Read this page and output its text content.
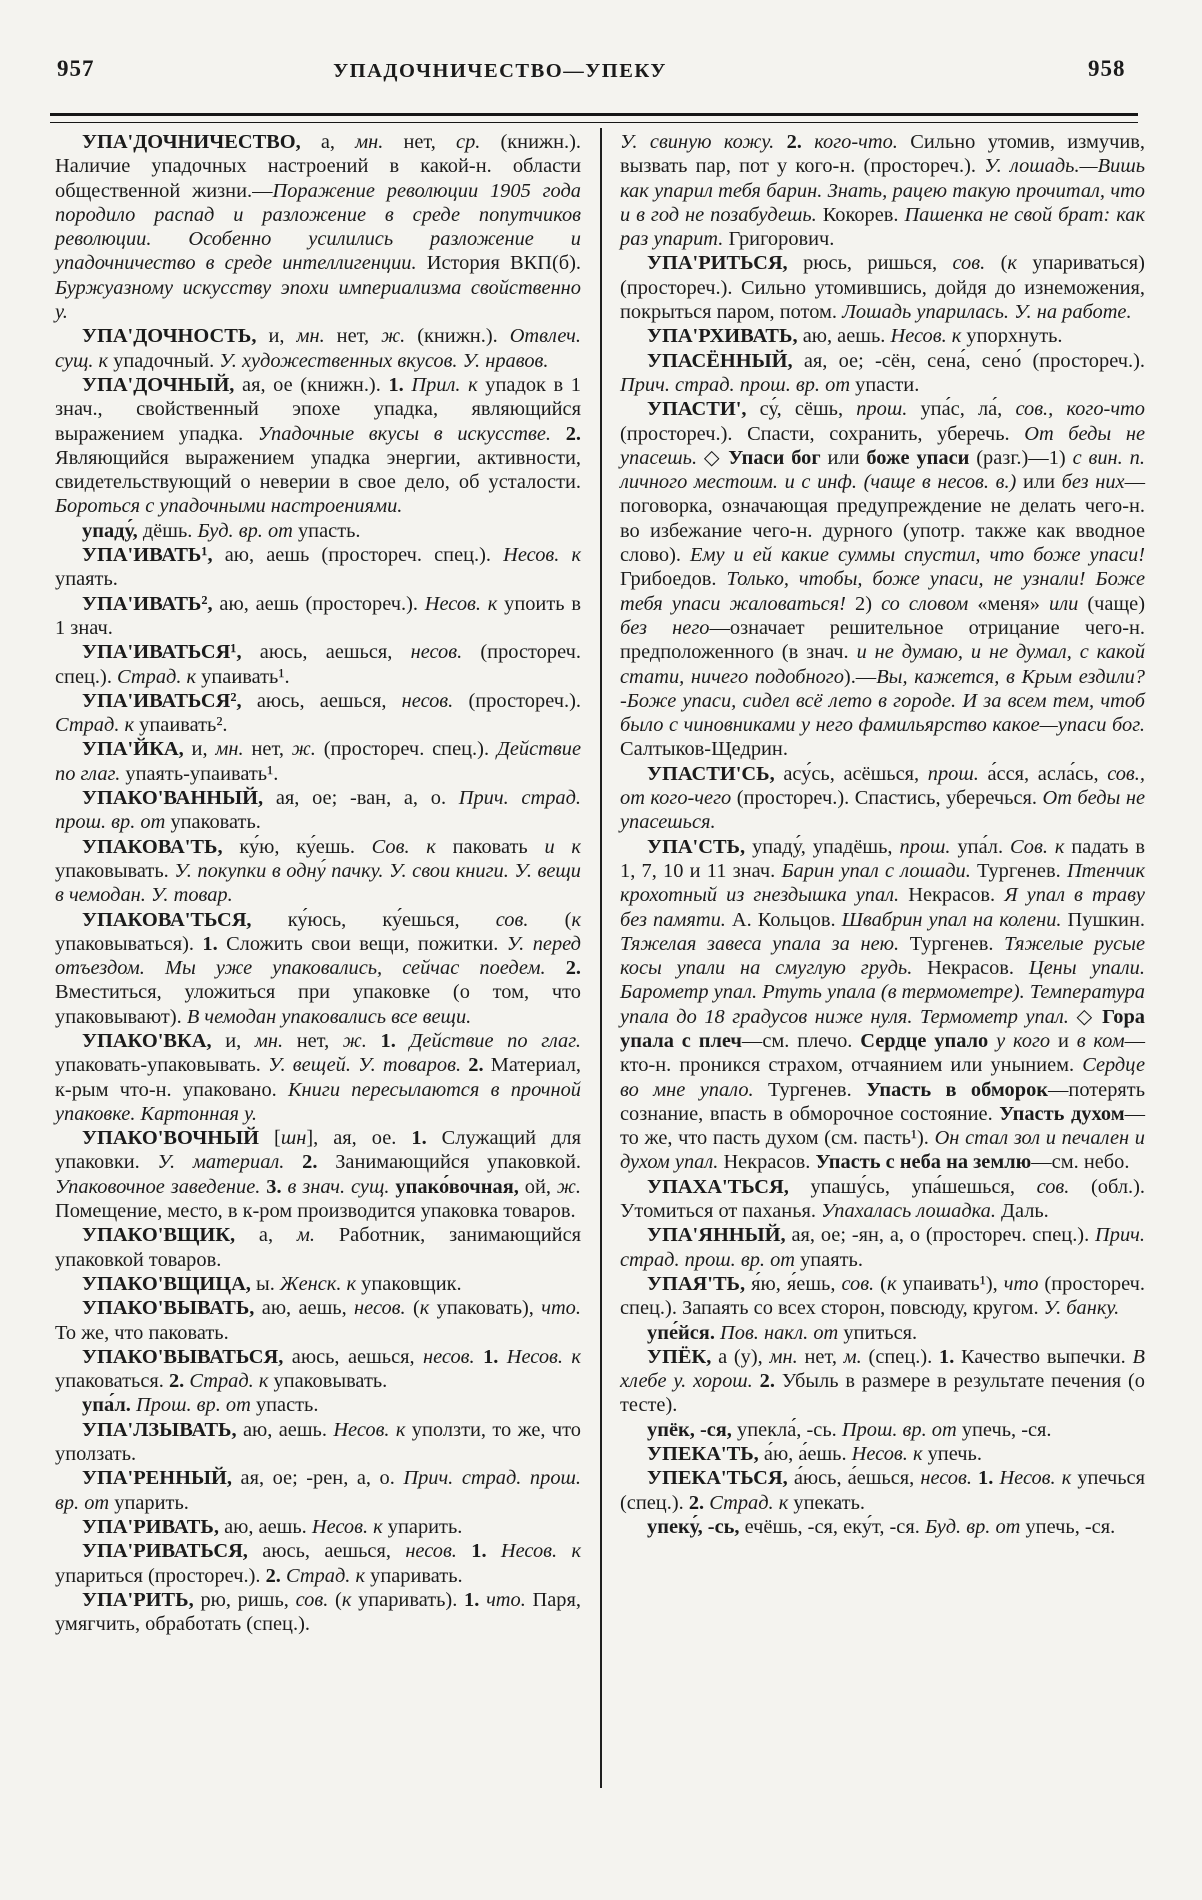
957	УПАДОЧНИЧЕСТВО—УПЕКУ	958

УПА'ДОЧНИЧЕСТВО, а, мн. нет, ср. (книжн.). Наличие упадочных настроений в какой-н. области общественной жизни.—Поражение революции 1905 года породило распад и разложение в среде попутчиков революции. Особенно усилились разложение и упадочничество в среде интеллигенции. История ВКП(б). Буржуазному искусству эпохи империализма свойственно у.

УПА'ДОЧНОСТЬ, и, мн. нет, ж. (книжн.). Отвлеч. сущ. к упадочный. У. художественных вкусов. У. нравов.

УПА'ДОЧНЫЙ, ая, ое (книжн.). 1. Прил. к упадок в 1 знач., свойственный эпохе упадка, являющийся выражением упадка. Упадочные вкусы в искусстве. 2. Являющийся выражением упадка энергии, активности, свидетельствующий о неверии в свое дело, об усталости. Бороться с упадочными настроениями.

упаду́, дёшь. Буд. вр. от упасть.

УПА'ИВАТЬ¹, аю, аешь (простореч. спец.). Несов. к упаять.

УПА'ИВАТЬ², аю, аешь (простореч.). Несов. к упоить в 1 знач.

УПА'ИВАТЬСЯ¹, аюсь, аешься, несов. (простореч. спец.). Страд. к упаивать¹.

УПА'ИВАТЬСЯ², аюсь, аешься, несов. (простореч.). Страд. к упаивать².

УПА'ЙКА, и, мн. нет, ж. (простореч. спец.). Действие по глаг. упаять-упаивать¹.

УПАКО'ВАННЫЙ, ая, ое; -ван, а, о. Прич. страд. прош. вр. от упаковать.

УПАКОВА'ТЬ, ку́ю, ку́ешь. Сов. к паковать и к упаковывать. У. покупки в одну́ пачку. У. свои книги. У. вещи в чемодан. У. товар.

УПАКОВА'ТЬСЯ, ку́юсь, ку́ешься, сов. (к упаковываться). 1. Сложить свои вещи, пожитки. У. перед отъездом. Мы уже упаковались, сейчас поедем. 2. Вместиться, уложиться при упаковке (о том, что упаковывают). В чемодан упаковались все вещи.

УПАКО'ВКА, и, мн. нет, ж. 1. Действие по глаг. упаковать-упаковывать. У. вещей. У. товаров. 2. Материал, к-рым что-н. упаковано. Книги пересылаются в прочной упаковке. Картонная у.

УПАКО'ВОЧНЫЙ [шн], ая, ое. 1. Служащий для упаковки. У. материал. 2. Занимающийся упаковкой. Упаковочное заведение. 3. в знач. сущ. упако́вочная, ой, ж. Помещение, место, в к-ром производится упаковка товаров.

УПАКО'ВЩИК, а, м. Работник, занимающийся упаковкой товаров.

УПАКО'ВЩИЦА, ы. Женск. к упаковщик.

УПАКО'ВЫВАТЬ, аю, аешь, несов. (к упаковать), что. То же, что паковать.

УПАКО'ВЫВАТЬСЯ, аюсь, аешься, несов. 1. Несов. к упаковаться. 2. Страд. к упаковывать.

упа́л. Прош. вр. от упасть.

УПА'ЛЗЫВАТЬ, аю, аешь. Несов. к уползти, то же, что уползать.

УПА'РЕННЫЙ, ая, ое; -рен, а, о. Прич. страд. прош. вр. от упарить.

УПА'РИВАТЬ, аю, аешь. Несов. к упарить.

УПА'РИВАТЬСЯ, аюсь, аешься, несов. 1. Несов. к упариться (простореч.). 2. Страд. к упаривать.

УПА'РИТЬ, рю, ришь, сов. (к упаривать). 1. что. Паря, умягчить, обработать (спец.).

У. свиную кожу. 2. кого-что. Сильно утомив, измучив, вызвать пар, пот у кого-н. (простореч.). У. лошадь.—Вишь как упарил тебя барин. Знать, рацею такую прочитал, что и в год не позабудешь. Кокорев. Пашенка не свой брат: как раз упарит. Григорович.

УПА'РИТЬСЯ, рюсь, ришься, сов. (к упариваться) (простореч.). Сильно утомившись, дойдя до изнеможения, покрыться паром, потом. Лошадь упарилась. У. на работе.

УПА'РХИВАТЬ, аю, аешь. Несов. к упорхнуть.

УПАСЁННЫЙ, ая, ое; -сён, сена́, сено́ (простореч.). Прич. страд. прош. вр. от упасти.

УПАСТИ', су́, сёшь, прош. упа́с, ла́, сов., кого-что (простореч.). Спасти, сохранить, уберечь. От беды не упасешь. ◇ Упаси бог или боже упаси (разг.)—1) с вин. п. личного местоим. и с инф. (чаще в несов. в.) или без них—поговорка, означающая предупреждение не делать чего-н. во избежание чего-н. дурного (употр. также как вводное слово). Ему и ей какие суммы спустил, что боже упаси! Грибоедов. Только, чтобы, боже упаси, не узнали! Боже тебя упаси жаловаться! 2) со словом «меня» или (чаще) без него—означает решительное отрицание чего-н. предположенного (в знач. и не думаю, и не думал, с какой стати, ничего подобного).—Вы, кажется, в Крым ездили? -Боже упаси, сидел всё лето в городе. И за всем тем, чтоб было с чиновниками у него фамильярство какое—упаси бог. Салтыков-Щедрин.

УПАСТИ'СЬ, асу́сь, асёшься, прош. а́сся, асла́сь, сов., от кого-чего (простореч.). Спастись, уберечься. От беды не упасешься.

УПА'СТЬ, упаду́, упадёшь, прош. упа́л. Сов. к падать в 1, 7, 10 и 11 знач. Барин упал с лошади. Тургенев. Птенчик крохотный из гнездышка упал. Некрасов. Я упал в траву без памяти. А. Кольцов. Швабрин упал на колени. Пушкин. Тяжелая завеса упала за нею. Тургенев. Тяжелые русые косы упали на смуглую грудь. Некрасов. Цены упали. Барометр упал. Ртуть упала (в термометре). Температура упала до 18 градусов ниже нуля. Термометр упал. ◇ Гора упала с плеч—см. плечо. Сердце упало у кого и в ком—кто-н. проникся страхом, отчаянием или унынием. Сердце во мне упало. Тургенев. Упасть в обморок—потерять сознание, впасть в обморочное состояние. Упасть духом—то же, что пасть духом (см. пасть¹). Он стал зол и печален и духом упал. Некрасов. Упасть с неба на землю—см. небо.

УПАХА'ТЬСЯ, упашу́сь, упа́шешься, сов. (обл.). Утомиться от паханья. Упахалась лошадка. Даль.

УПА'ЯННЫЙ, ая, ое; -ян, а, о (простореч. спец.). Прич. страд. прош. вр. от упаять.

УПАЯ'ТЬ, я́ю, я́ешь, сов. (к упаивать¹), что (простореч. спец.). Запаять со всех сторон, повсюду, кругом. У. банку.

упе́йся. Пов. накл. от упиться.

УПЁК, а (у), мн. нет, м. (спец.). 1. Качество выпечки. В хлебе у. хорош. 2. Убыль в размере в результате печения (о тесте).

упёк, -ся, упекла́, -сь. Прош. вр. от упечь, -ся.

УПЕКА'ТЬ, а́ю, а́ешь. Несов. к упечь.

УПЕКА'ТЬСЯ, а́юсь, а́ешься, несов. 1. Несов. к упечься (спец.). 2. Страд. к упекать.

упеку́, -сь, ечёшь, -ся, еку́т, -ся. Буд. вр. от упечь, -ся.
